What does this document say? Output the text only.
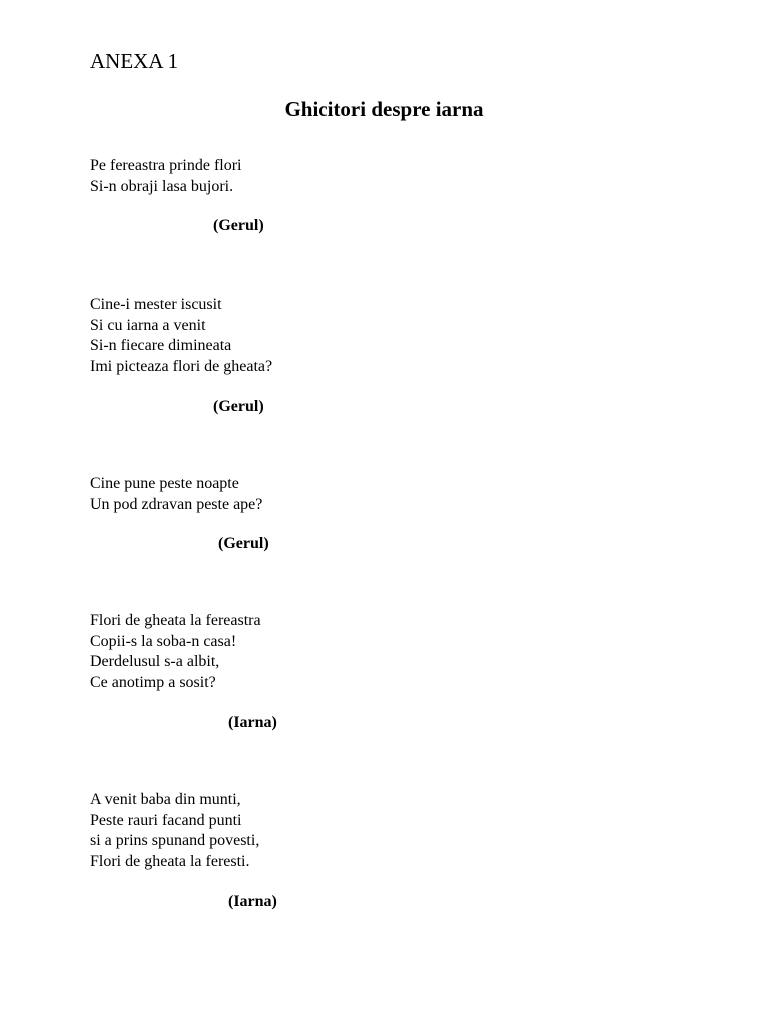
ANEXA 1
Ghicitori despre iarna
Pe fereastra prinde flori
Si-n obraji lasa bujori.
(Gerul)
Cine-i mester iscusit
Si cu iarna a venit
Si-n fiecare dimineata
Imi picteaza flori de gheata?
(Gerul)
Cine pune peste noapte
Un pod zdravan peste ape?
(Gerul)
Flori de gheata la fereastra
Copii-s la soba-n casa!
Derdelusul s-a albit,
Ce anotimp a sosit?
(Iarna)
A venit baba din munti,
Peste rauri facand punti
si a prins spunand povesti,
Flori de gheata la feresti.
(Iarna)
